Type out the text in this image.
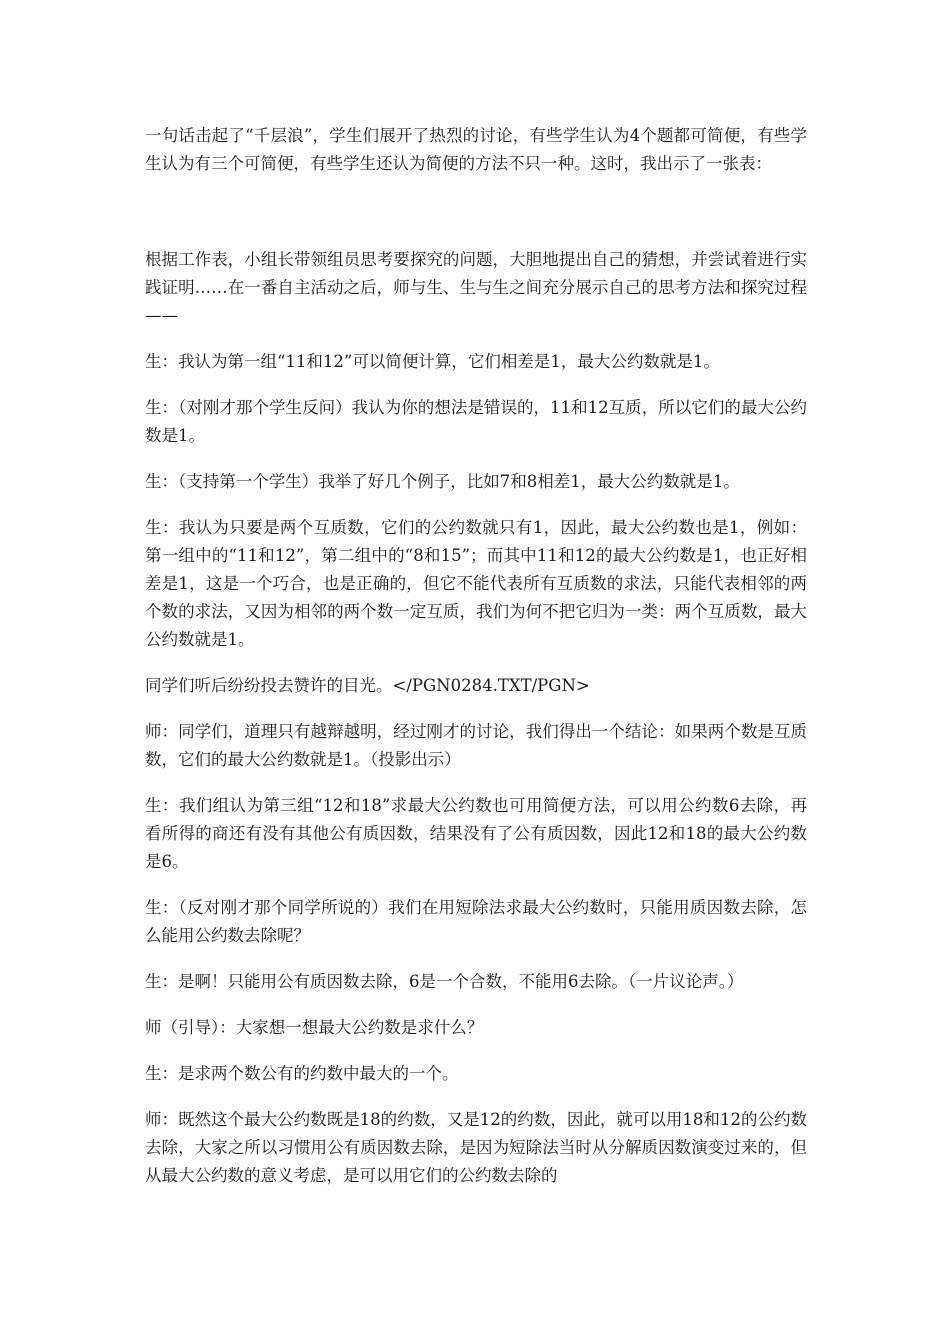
一句话击起了“千层浪”，学生们展开了热烈的讨论，有些学生认为4个题都可简便，有些学生认为有三个可简便，有些学生还认为简便的方法不只一种。这时，我出示了一张表：

根据工作表，小组长带领组员思考要探究的问题，大胆地提出自己的猜想，并尝试着进行实践证明……在一番自主活动之后，师与生、生与生之间充分展示自己的思考方法和探究过程——

生：我认为第一组“11和12”可以简便计算，它们相差是1，最大公约数就是1。

生：（对刚才那个学生反问）我认为你的想法是错误的，11和12互质，所以它们的最大公约数是1。

生：（支持第一个学生）我举了好几个例子，比如7和8相差1，最大公约数就是1。

生：我认为只要是两个互质数，它们的公约数就只有1，因此，最大公约数也是1，例如：第一组中的“11和12”，第二组中的“8和15”；而其中11和12的最大公约数是1，也正好相差是1，这是一个巧合，也是正确的，但它不能代表所有互质数的求法，只能代表相邻的两个数的求法，又因为相邻的两个数一定互质，我们为何不把它归为一类：两个互质数，最大公约数就是1。

同学们听后纷纷投去赞许的目光。</PGN0284.TXT/PGN>

师：同学们，道理只有越辩越明，经过刚才的讨论，我们得出一个结论：如果两个数是互质数，它们的最大公约数就是1。（投影出示）

生：我们组认为第三组“12和18”求最大公约数也可用简便方法，可以用公约数6去除，再看所得的商还有没有其他公有质因数，结果没有了公有质因数，因此12和18的最大公约数是6。

生：（反对刚才那个同学所说的）我们在用短除法求最大公约数时，只能用质因数去除，怎么能用公约数去除呢？

生：是啊！只能用公有质因数去除，6是一个合数，不能用6去除。（一片议论声。）

师（引导）：大家想一想最大公约数是求什么？

生：是求两个数公有的约数中最大的一个。

师：既然这个最大公约数既是18的约数，又是12的约数，因此，就可以用18和12的公约数去除，大家之所以习惯用公有质因数去除，是因为短除法当时从分解质因数演变过来的，但从最大公约数的意义考虑，是可以用它们的公约数去除的
